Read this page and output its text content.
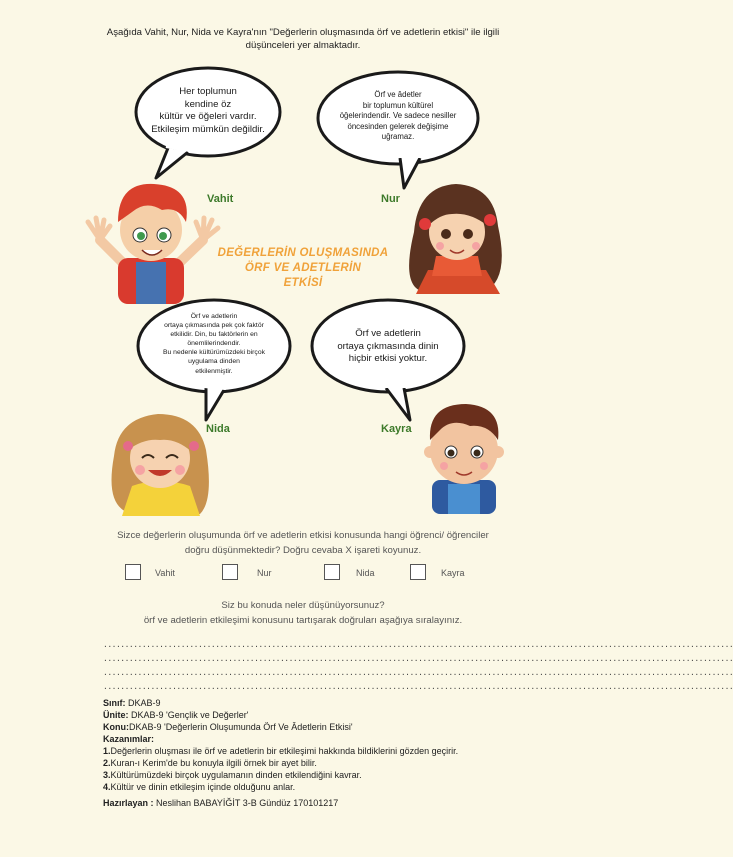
Aşağıda Vahit, Nur, Nida ve Kayra'nın "Değerlerin oluşmasında örf ve adetlerin etkisi" ile ilgili
düşünceleri yer almaktadır.
Her toplumun
kendine öz
kültür ve öğeleri vardır.
Etkileşim mümkün değildir.
Örf ve âdetler
bir toplumun kültürel
öğelerindendir. Ve sadece nesiller
öncesinden gelerek değişime
uğramaz.
Örf ve adetlerin
ortaya çıkmasında pek çok faktör
etkilidir. Din, bu faktörlerin en
önemlilerindendir.
Bu nedenle kültürümüzdeki birçok
uygulama dinden
etkilenmiştir.
Örf ve adetlerin
ortaya çıkmasında dinin
hiçbir etkisi yoktur.
Vahit	Nur
Nida	Kayra
DEĞERLERİN OLUŞMASINDA
ÖRF VE ADETLERİN
ETKİSİ
Sizce değerlerin oluşumunda örf ve adetlerin etkisi konusunda hangi öğrenci/ öğrenciler
doğru düşünmektedir? Doğru cevaba X işareti koyunuz.
Vahit	Nur	Nida	Kayra
Siz bu konuda neler düşünüyorsunuz?
örf ve adetlerin etkileşimi konusunu tartışarak doğruları aşağıya sıralayınız.
..................................................................................................................................................
..................................................................................................................................................
..................................................................................................................................................
..................................................................................................................................................
Sınıf: DKAB-9
Ünite: DKAB-9 'Gençlik ve Değerler'
Konu:DKAB-9 'Değerlerin Oluşumunda Örf Ve Âdetlerin Etkisi'
Kazanımlar:
1.Değerlerin oluşması ile örf ve adetlerin bir etkileşimi hakkında bildiklerini gözden geçirir.
2.Kuran-ı Kerim'de bu konuyla ilgili örnek bir ayet bilir.
3.Kültürümüzdeki birçok uygulamanın dinden etkilendiğini kavrar.
4.Kültür ve dinin etkileşim içinde olduğunu anlar.
Hazırlayan : Neslihan BABAYİĞİT 3-B Gündüz 170101217
